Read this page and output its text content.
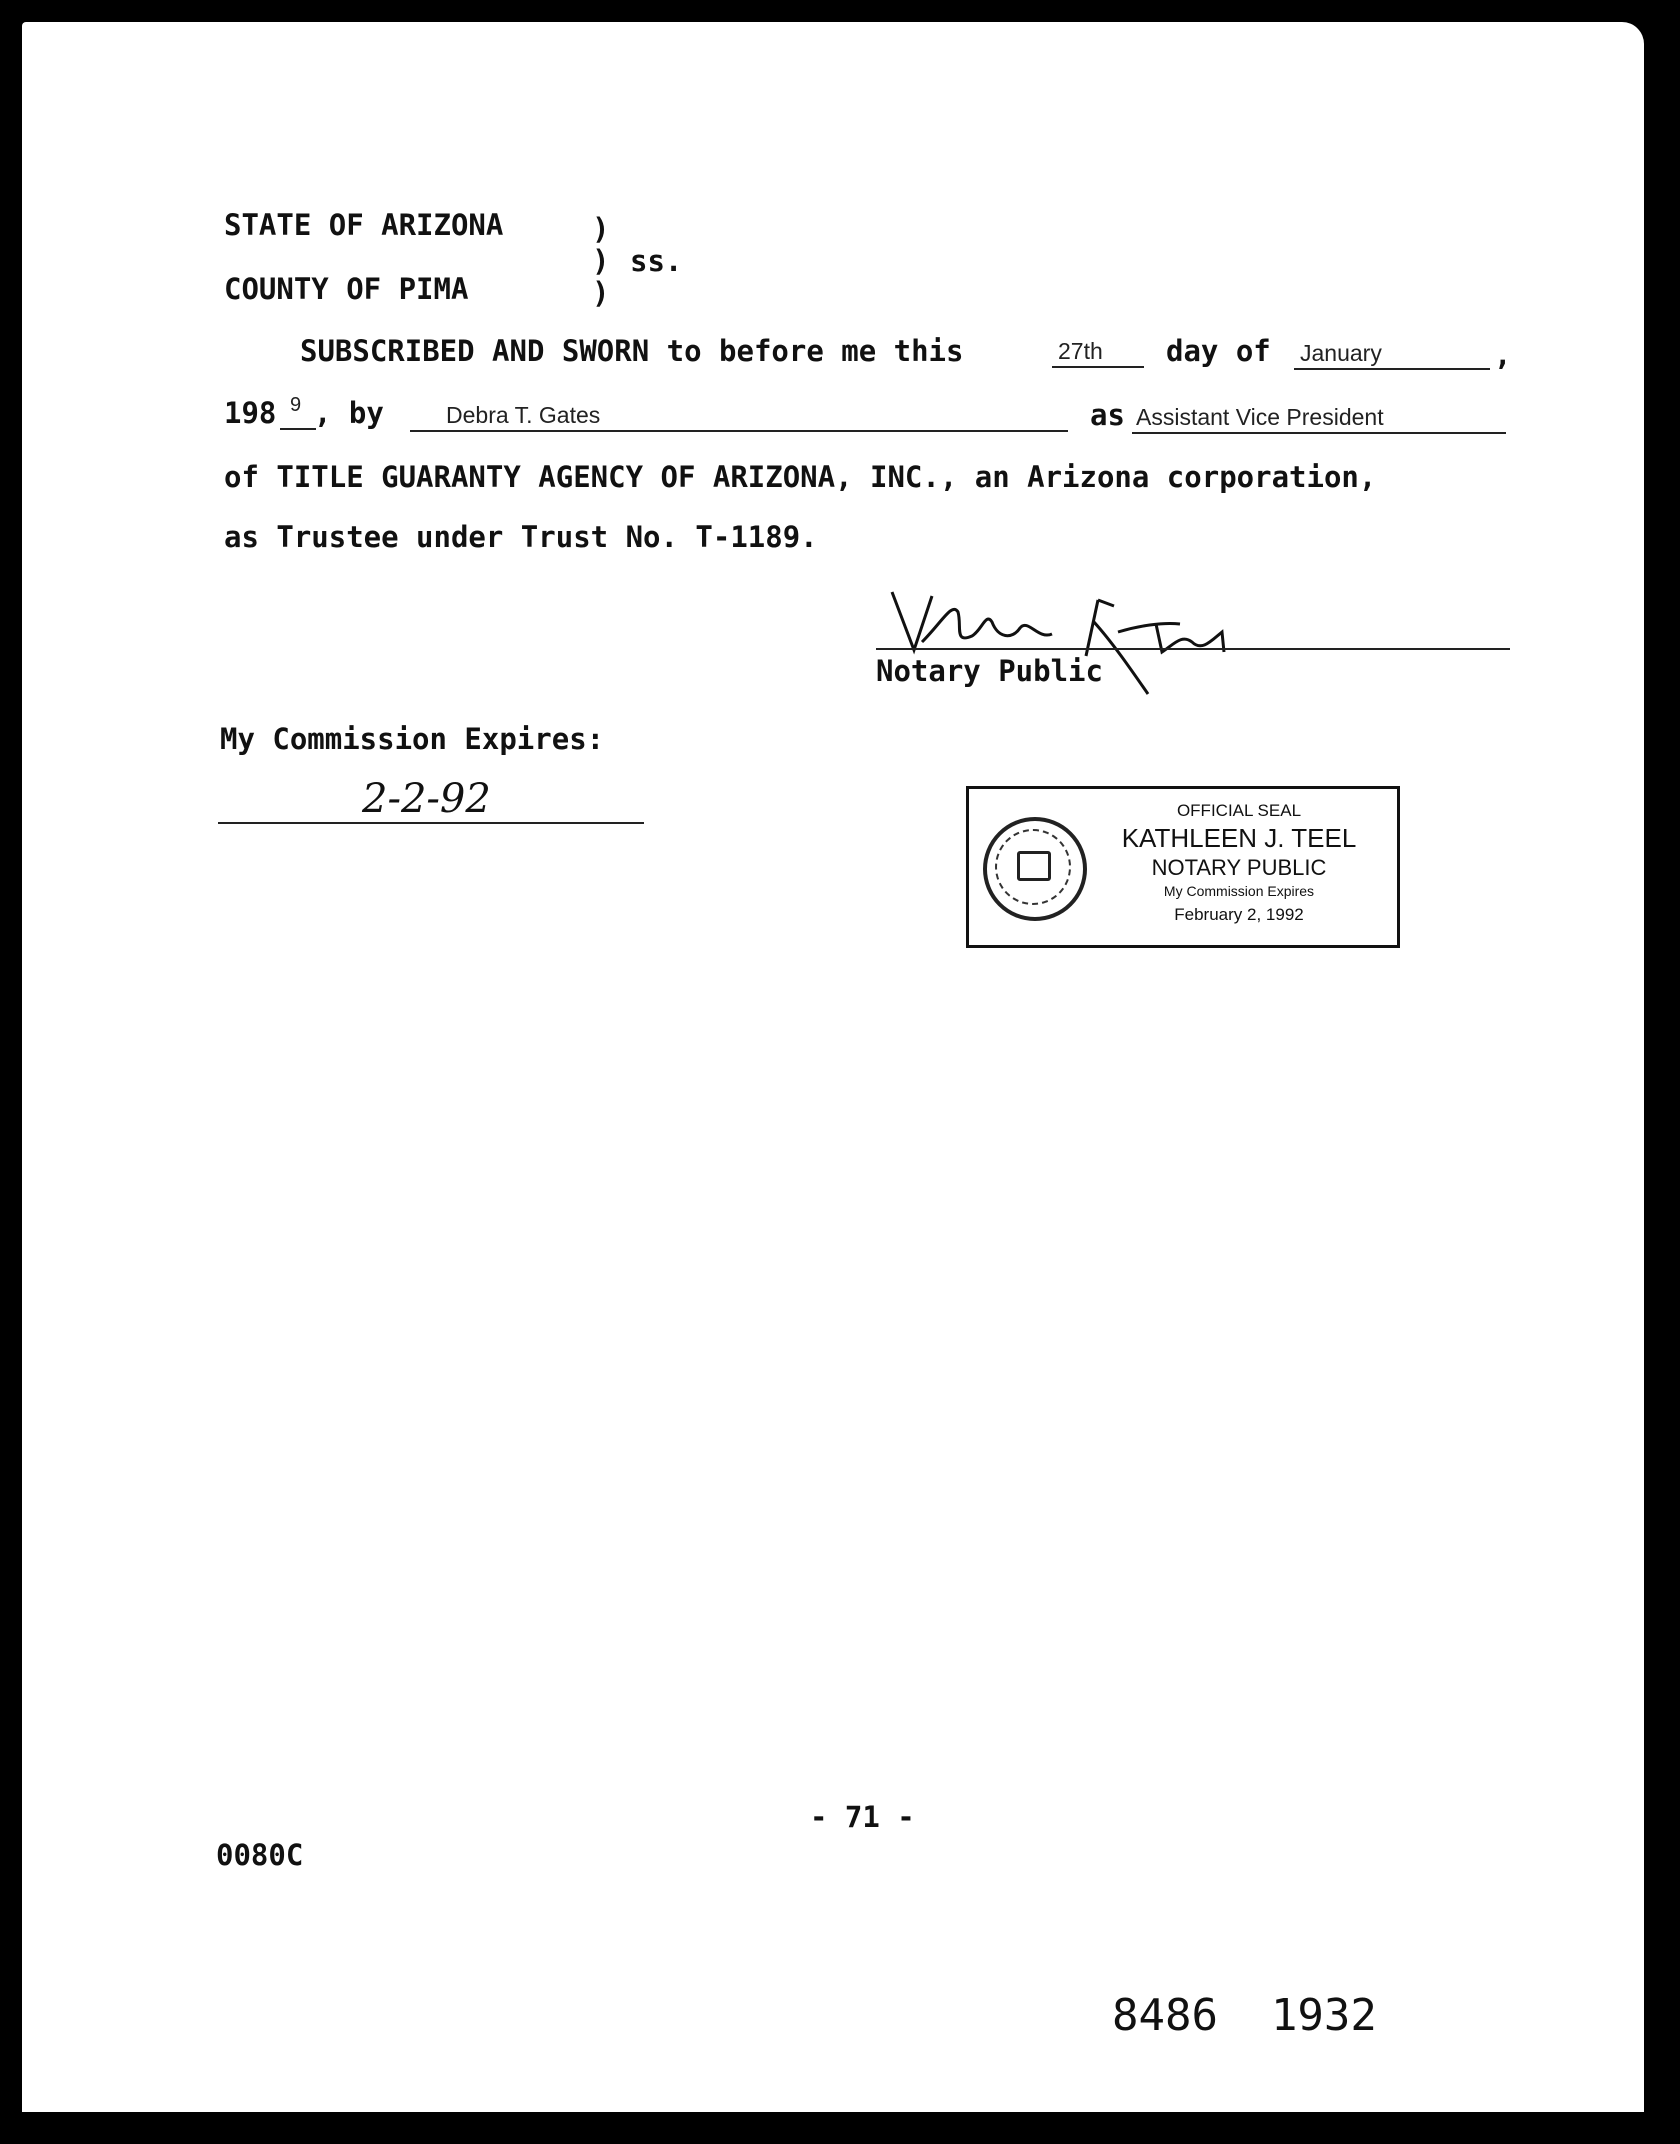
STATE OF ARIZONA	)
) ss.
COUNTY OF PIMA	)
SUBSCRIBED AND SWORN to before me this	27th day of January	,
198 9 , by	Debra T. Gates	as Assistant Vice President
of TITLE GUARANTY AGENCY OF ARIZONA, INC., an Arizona corporation,
as Trustee under Trust No. T-1189.
Notary Public
My Commission Expires:
2-2-92	OFFICIAL SEAL
KATHLEEN J. TEEL
NOTARY PUBLIC
My Commission Expires
February 2, 1992
- 71 -
0080C
8486  1932
